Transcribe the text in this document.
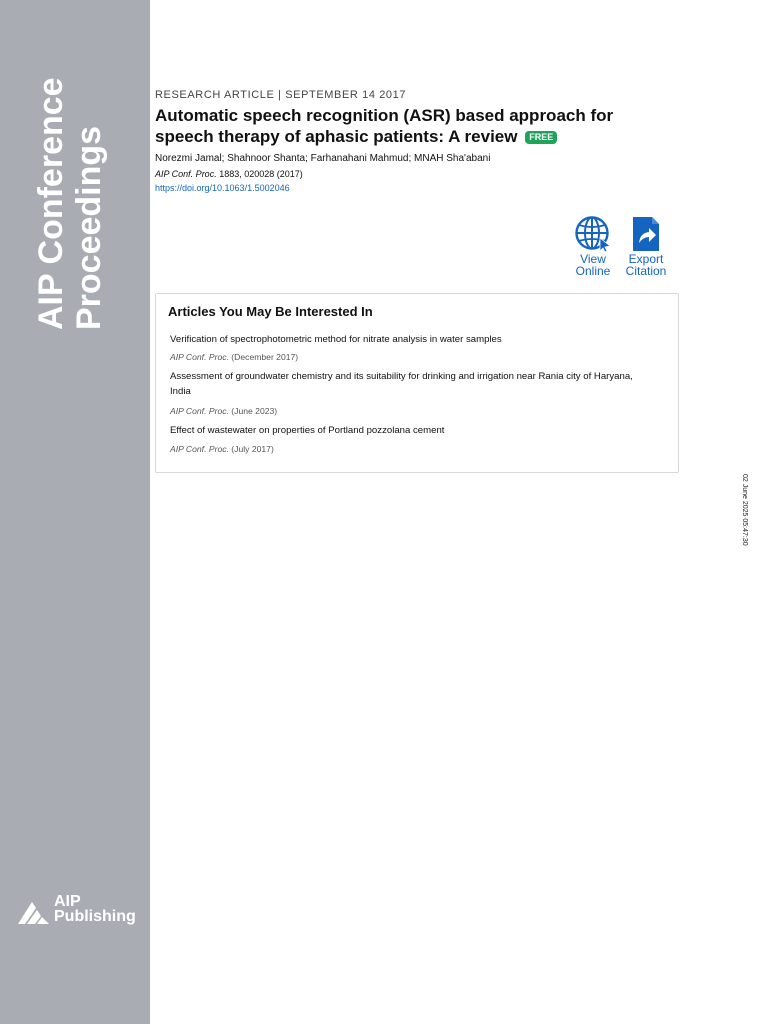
AIP Conference Proceedings
AIP
Publishing
RESEARCH ARTICLE | SEPTEMBER 14 2017
Automatic speech recognition (ASR) based approach for speech therapy of aphasic patients: A review FREE
Norezmi Jamal; Shahnoor Shanta; Farhanahani Mahmud; MNAH Sha'abani
AIP Conf. Proc. 1883, 020028 (2017)
https://doi.org/10.1063/1.5002046
View
Online
Export
Citation
Articles You May Be Interested In
Verification of spectrophotometric method for nitrate analysis in water samples
AIP Conf. Proc. (December 2017)
Assessment of groundwater chemistry and its suitability for drinking and irrigation near Rania city of Haryana, India
AIP Conf. Proc. (June 2023)
Effect of wastewater on properties of Portland pozzolana cement
AIP Conf. Proc. (July 2017)
02 June 2025 05:47:30
